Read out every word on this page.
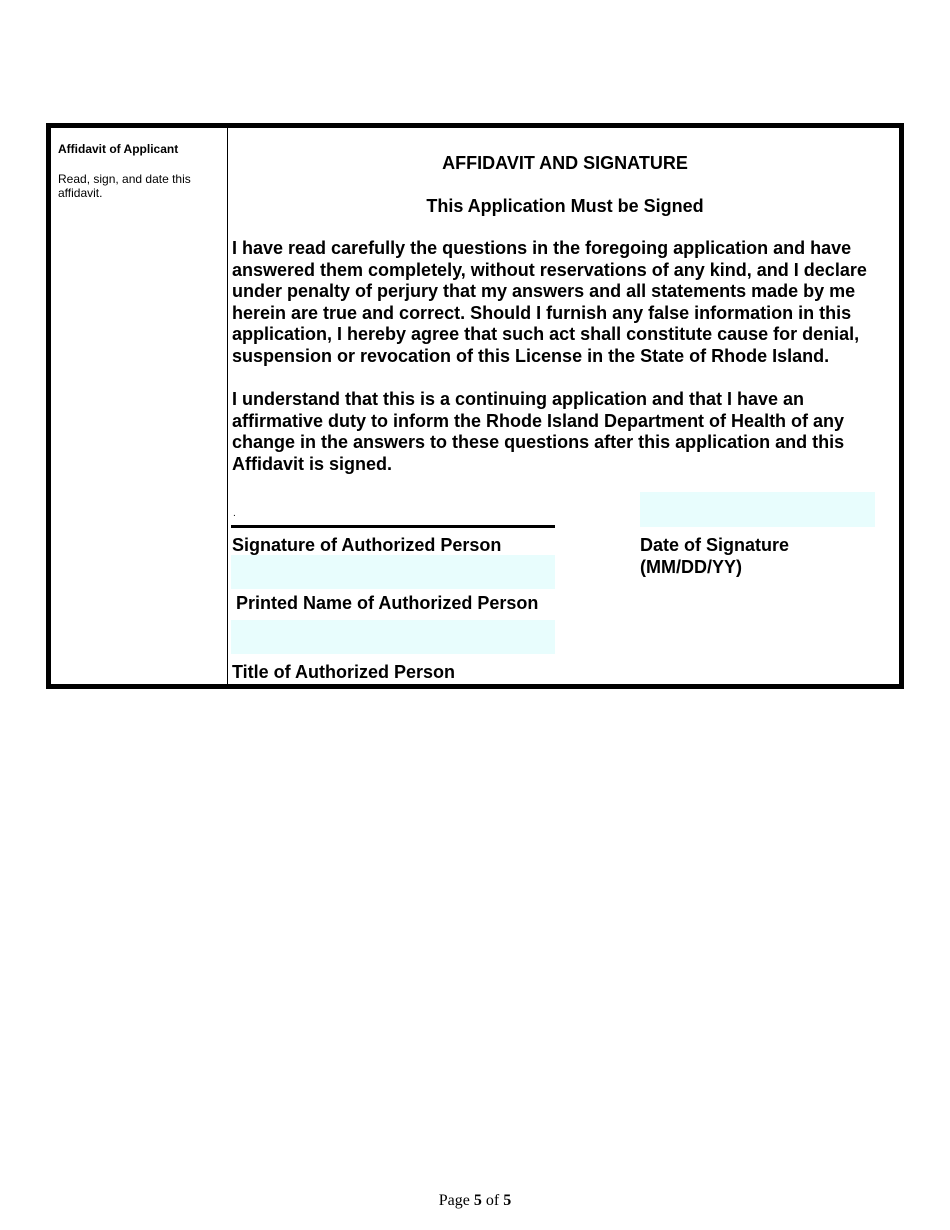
Affidavit of Applicant
Read, sign, and date this affidavit.
AFFIDAVIT AND SIGNATURE
This Application Must be Signed
I have read carefully the questions in the foregoing application and have answered them completely, without reservations of any kind, and I declare under penalty of perjury that my answers and all statements made by me herein are true and correct. Should I furnish any false information in this application, I hereby agree that such act shall constitute cause for denial, suspension or revocation of this License in the State of Rhode Island.
I understand that this is a continuing application and that I have an affirmative duty to inform the Rhode Island Department of Health of any change in the answers to these questions after this application and this Affidavit is signed.
.
Signature of Authorized Person	Date of Signature (MM/DD/YY)
Printed Name of Authorized Person
Title of Authorized Person
Page 5 of 5
